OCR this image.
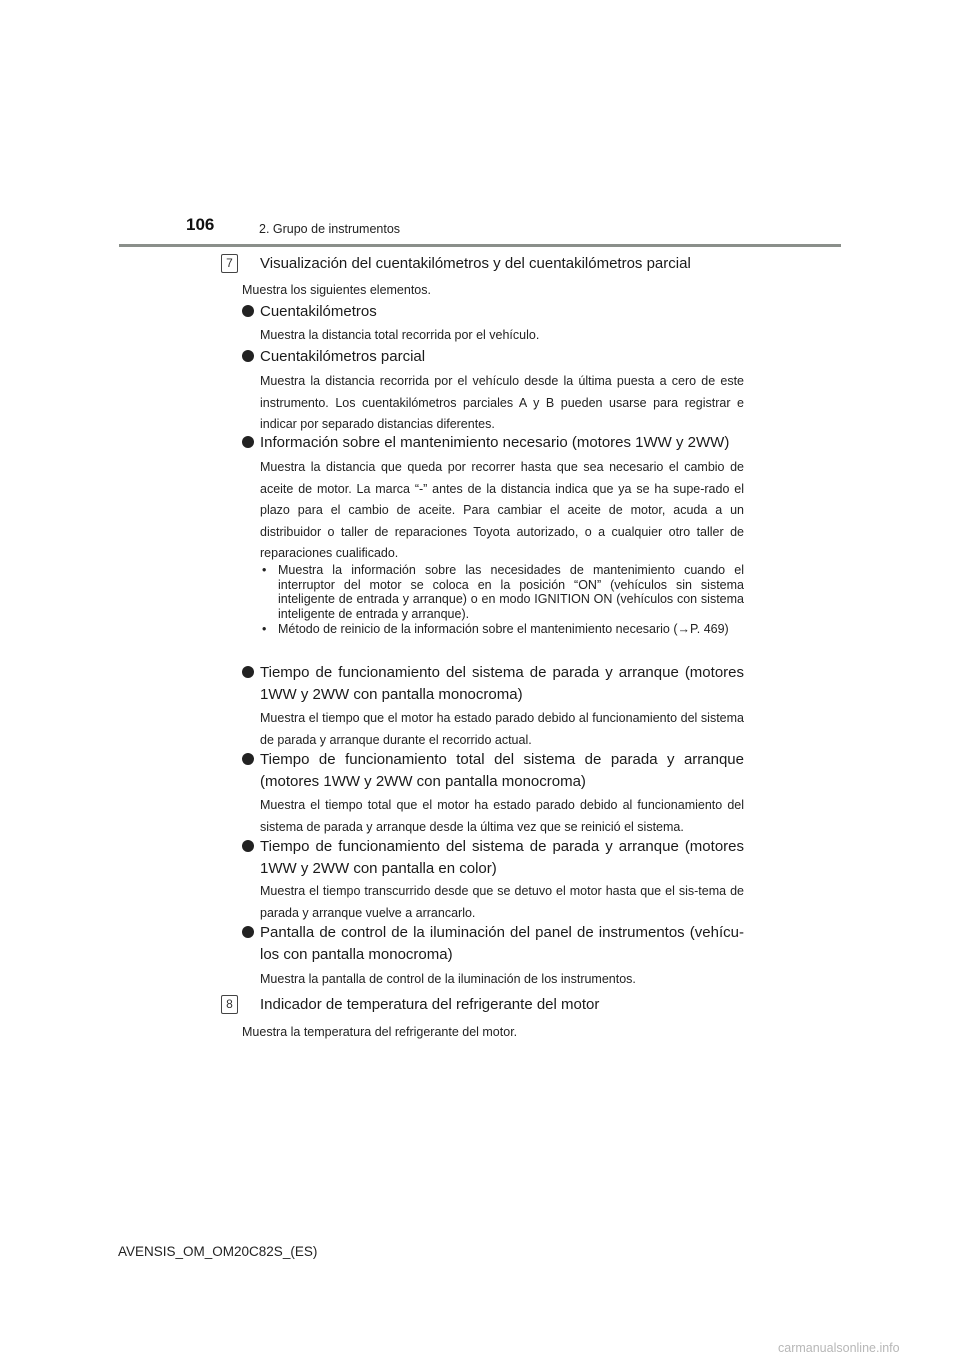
106	2. Grupo de instrumentos
7	Visualización del cuentakilómetros y del cuentakilómetros parcial
Muestra los siguientes elementos.
Cuentakilómetros
Muestra la distancia total recorrida por el vehículo.
Cuentakilómetros parcial
Muestra la distancia recorrida por el vehículo desde la última puesta a cero de este instrumento. Los cuentakilómetros parciales A y B pueden usarse para registrar e indicar por separado distancias diferentes.
Información sobre el mantenimiento necesario (motores 1WW y 2WW)
Muestra la distancia que queda por recorrer hasta que sea necesario el cambio de aceite de motor. La marca “-” antes de la distancia indica que ya se ha supe-rado el plazo para el cambio de aceite. Para cambiar el aceite de motor, acuda a un distribuidor o taller de reparaciones Toyota autorizado, o a cualquier otro taller de reparaciones cualificado.
• Muestra la información sobre las necesidades de mantenimiento cuando el interruptor del motor se coloca en la posición “ON” (vehículos sin sistema inteligente de entrada y arranque) o en modo IGNITION ON (vehículos con sistema inteligente de entrada y arranque).
• Método de reinicio de la información sobre el mantenimiento necesario (→P. 469)
Tiempo de funcionamiento del sistema de parada y arranque (motores 1WW y 2WW con pantalla monocroma)
Muestra el tiempo que el motor ha estado parado debido al funcionamiento del sistema de parada y arranque durante el recorrido actual.
Tiempo de funcionamiento total del sistema de parada y arranque (motores 1WW y 2WW con pantalla monocroma)
Muestra el tiempo total que el motor ha estado parado debido al funcionamiento del sistema de parada y arranque desde la última vez que se reinició el sistema.
Tiempo de funcionamiento del sistema de parada y arranque (motores 1WW y 2WW con pantalla en color)
Muestra el tiempo transcurrido desde que se detuvo el motor hasta que el sis-tema de parada y arranque vuelve a arrancarlo.
Pantalla de control de la iluminación del panel de instrumentos (vehícu-los con pantalla monocroma)
Muestra la pantalla de control de la iluminación de los instrumentos.
8	Indicador de temperatura del refrigerante del motor
Muestra la temperatura del refrigerante del motor.
AVENSIS_OM_OM20C82S_(ES)
carmanualsonline.info
